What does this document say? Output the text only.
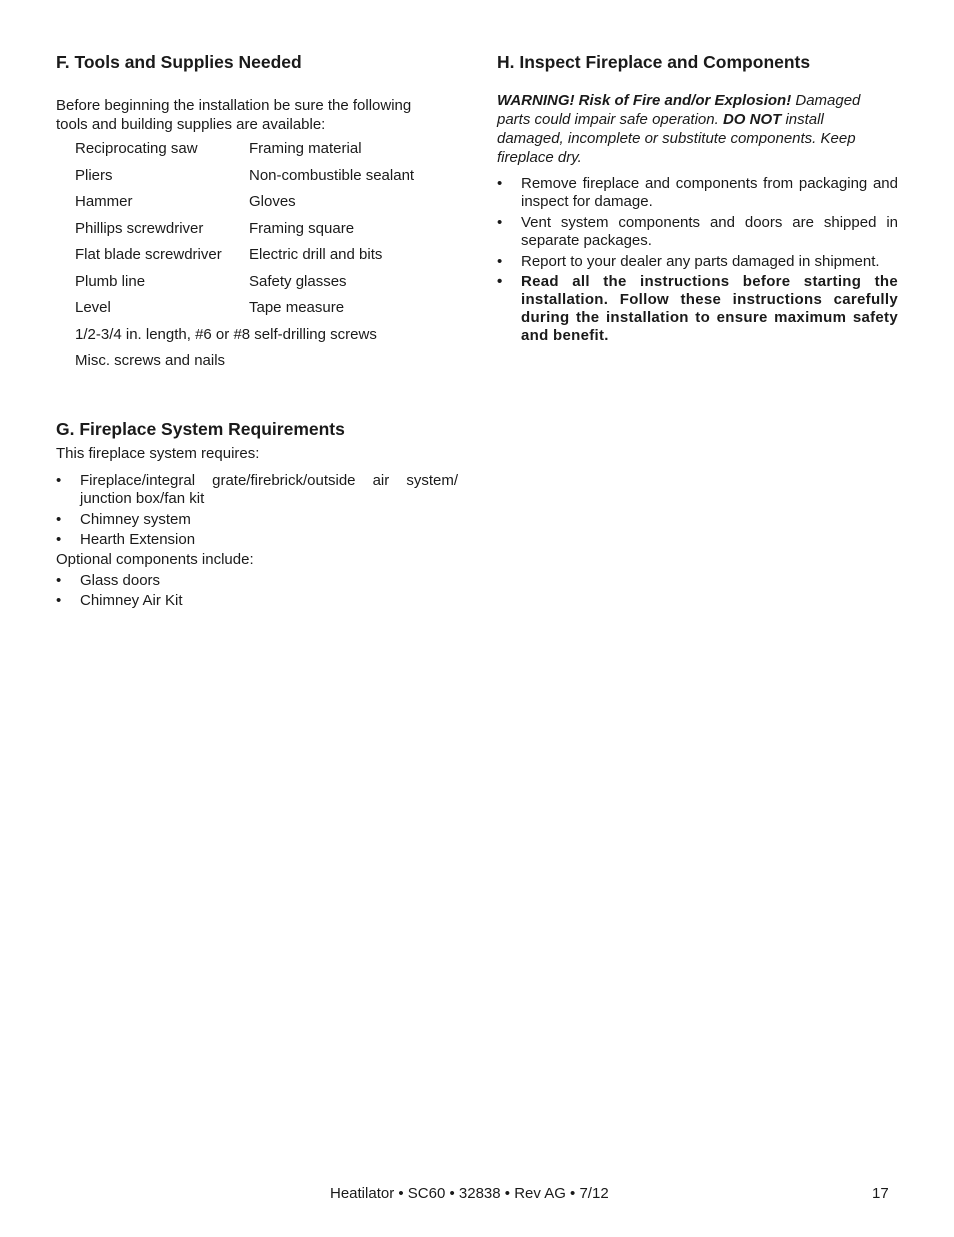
F. Tools and Supplies Needed

Before beginning the installation be sure the following

tools and building supplies are available:

Reciprocating saw	Framing material
Pliers	Non-combustible sealant
Hammer	Gloves
Phillips screwdriver	Framing square
Flat blade screwdriver	Electric drill and bits
Plumb line	Safety glasses
Level	Tape measure
1/2-3/4 in. length, #6 or #8 self-drilling screws
Misc. screws and nails
G. Fireplace System Requirements

This fireplace system requires:

• Fireplace/integral grate/firebrick/outside air system/ junction box/fan kit
• Chimney system
• Hearth Extension

Optional components include:

• Glass doors
• Chimney Air Kit
H. Inspect Fireplace and Components

WARNING! Risk of Fire and/or Explosion! Damaged parts could impair safe operation. DO NOT install damaged, incomplete or substitute components. Keep fireplace dry.

• Remove fireplace and components from packaging and inspect for damage.
• Vent system components and doors are shipped in separate packages.
• Report to your dealer any parts damaged in shipment.
• Read all the instructions before starting the installation. Follow these instructions carefully during the installation to ensure maximum safety and benefit.
Heatilator • SC60 • 32838 • Rev AG • 7/12	17
